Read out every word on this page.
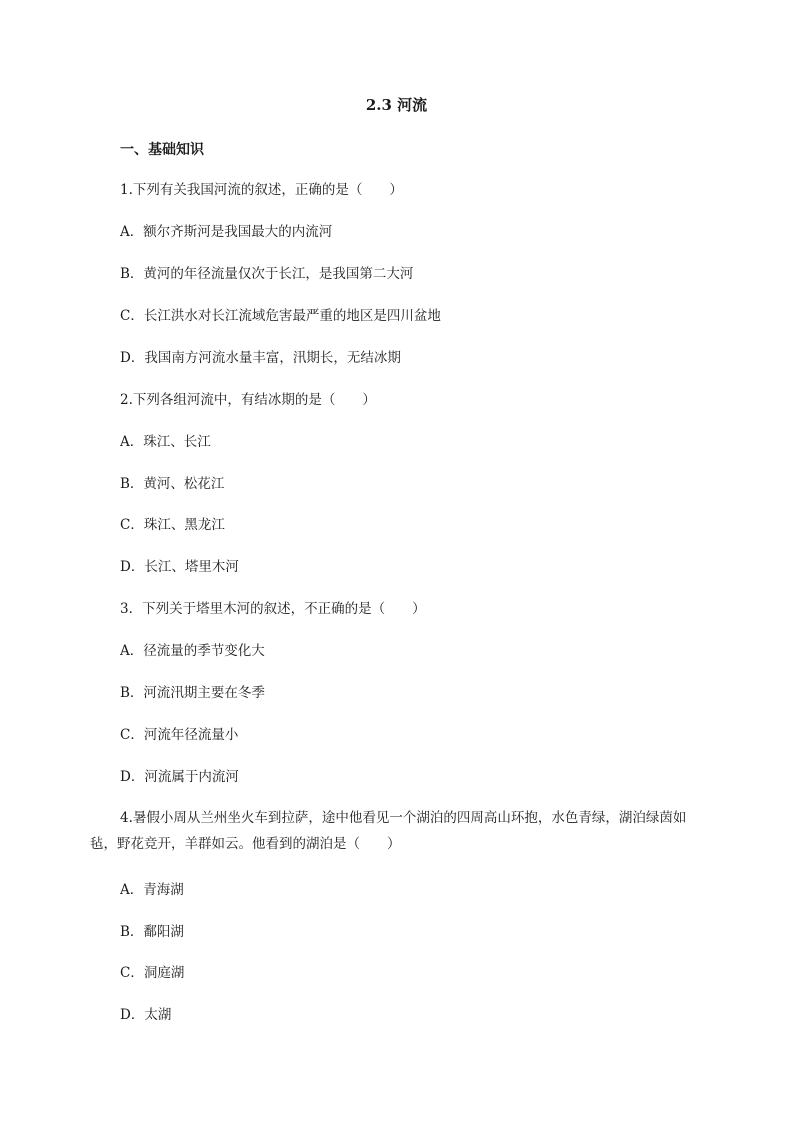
2.3 河流
一、基础知识
1.下列有关我国河流的叙述，正确的是（　　）
A．额尔齐斯河是我国最大的内流河
B．黄河的年径流量仅次于长江，是我国第二大河
C．长江洪水对长江流域危害最严重的地区是四川盆地
D．我国南方河流水量丰富，汛期长，无结冰期
2.下列各组河流中，有结冰期的是（　　）
A．珠江、长江
B．黄河、松花江
C．珠江、黑龙江
D．长江、塔里木河
3．下列关于塔里木河的叙述，不正确的是（　　）
A．径流量的季节变化大
B．河流汛期主要在冬季
C．河流年径流量小
D．河流属于内流河
4.暑假小周从兰州坐火车到拉萨，途中他看见一个湖泊的四周高山环抱，水色青绿，湖泊绿茵如毡，野花竞开，羊群如云。他看到的湖泊是（　　）
A．青海湖
B．鄱阳湖
C．洞庭湖
D．太湖
